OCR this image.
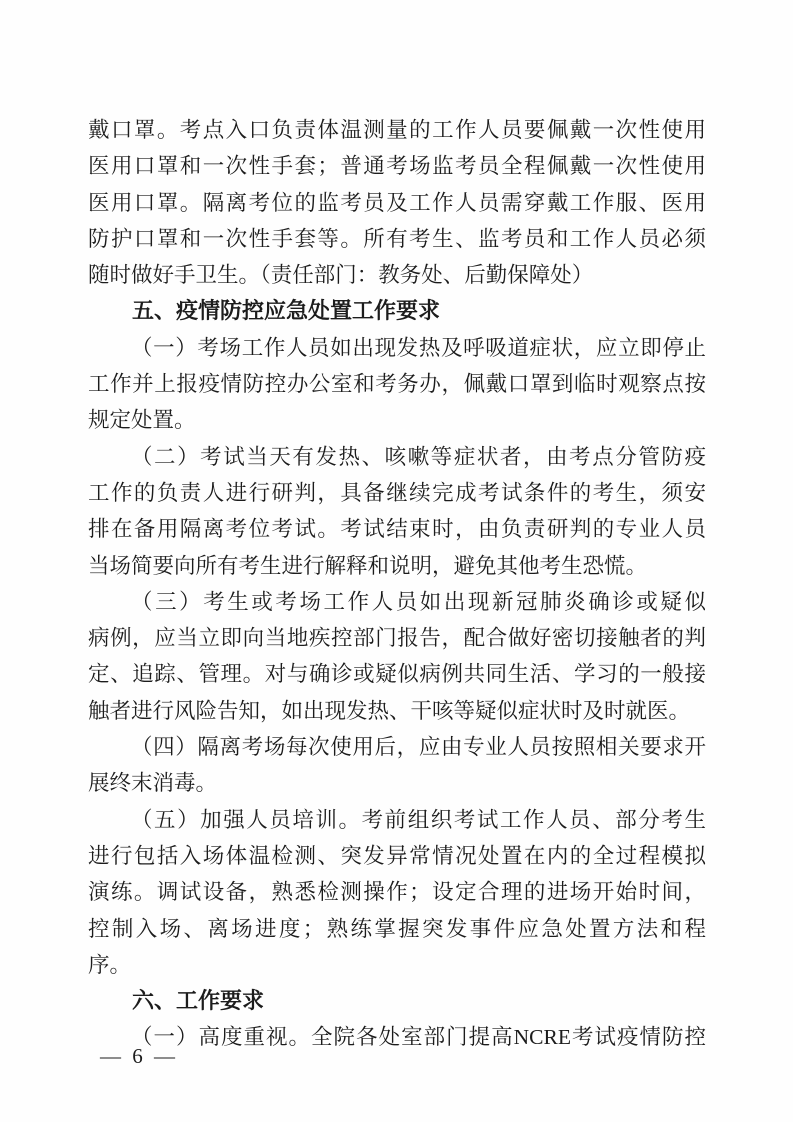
戴口罩。考点入口负责体温测量的工作人员要佩戴一次性使用
医用口罩和一次性手套；普通考场监考员全程佩戴一次性使用
医用口罩。隔离考位的监考员及工作人员需穿戴工作服、医用
防护口罩和一次性手套等。所有考生、监考员和工作人员必须
随时做好手卫生。（责任部门：教务处、后勤保障处）
五、疫情防控应急处置工作要求
（一）考场工作人员如出现发热及呼吸道症状，应立即停止
工作并上报疫情防控办公室和考务办，佩戴口罩到临时观察点按
规定处置。
（二）考试当天有发热、咳嗽等症状者，由考点分管防疫
工作的负责人进行研判，具备继续完成考试条件的考生，须安
排在备用隔离考位考试。考试结束时，由负责研判的专业人员
当场简要向所有考生进行解释和说明，避免其他考生恐慌。
（三）考生或考场工作人员如出现新冠肺炎确诊或疑似
病例，应当立即向当地疾控部门报告，配合做好密切接触者的判
定、追踪、管理。对与确诊或疑似病例共同生活、学习的一般接
触者进行风险告知，如出现发热、干咳等疑似症状时及时就医。
（四）隔离考场每次使用后，应由专业人员按照相关要求开
展终末消毒。
（五）加强人员培训。考前组织考试工作人员、部分考生
进行包括入场体温检测、突发异常情况处置在内的全过程模拟
演练。调试设备，熟悉检测操作；设定合理的进场开始时间，
控制入场、离场进度；熟练掌握突发事件应急处置方法和程
序。
六、工作要求
（一）高度重视。全院各处室部门提高NCRE考试疫情防控
— 6 —
